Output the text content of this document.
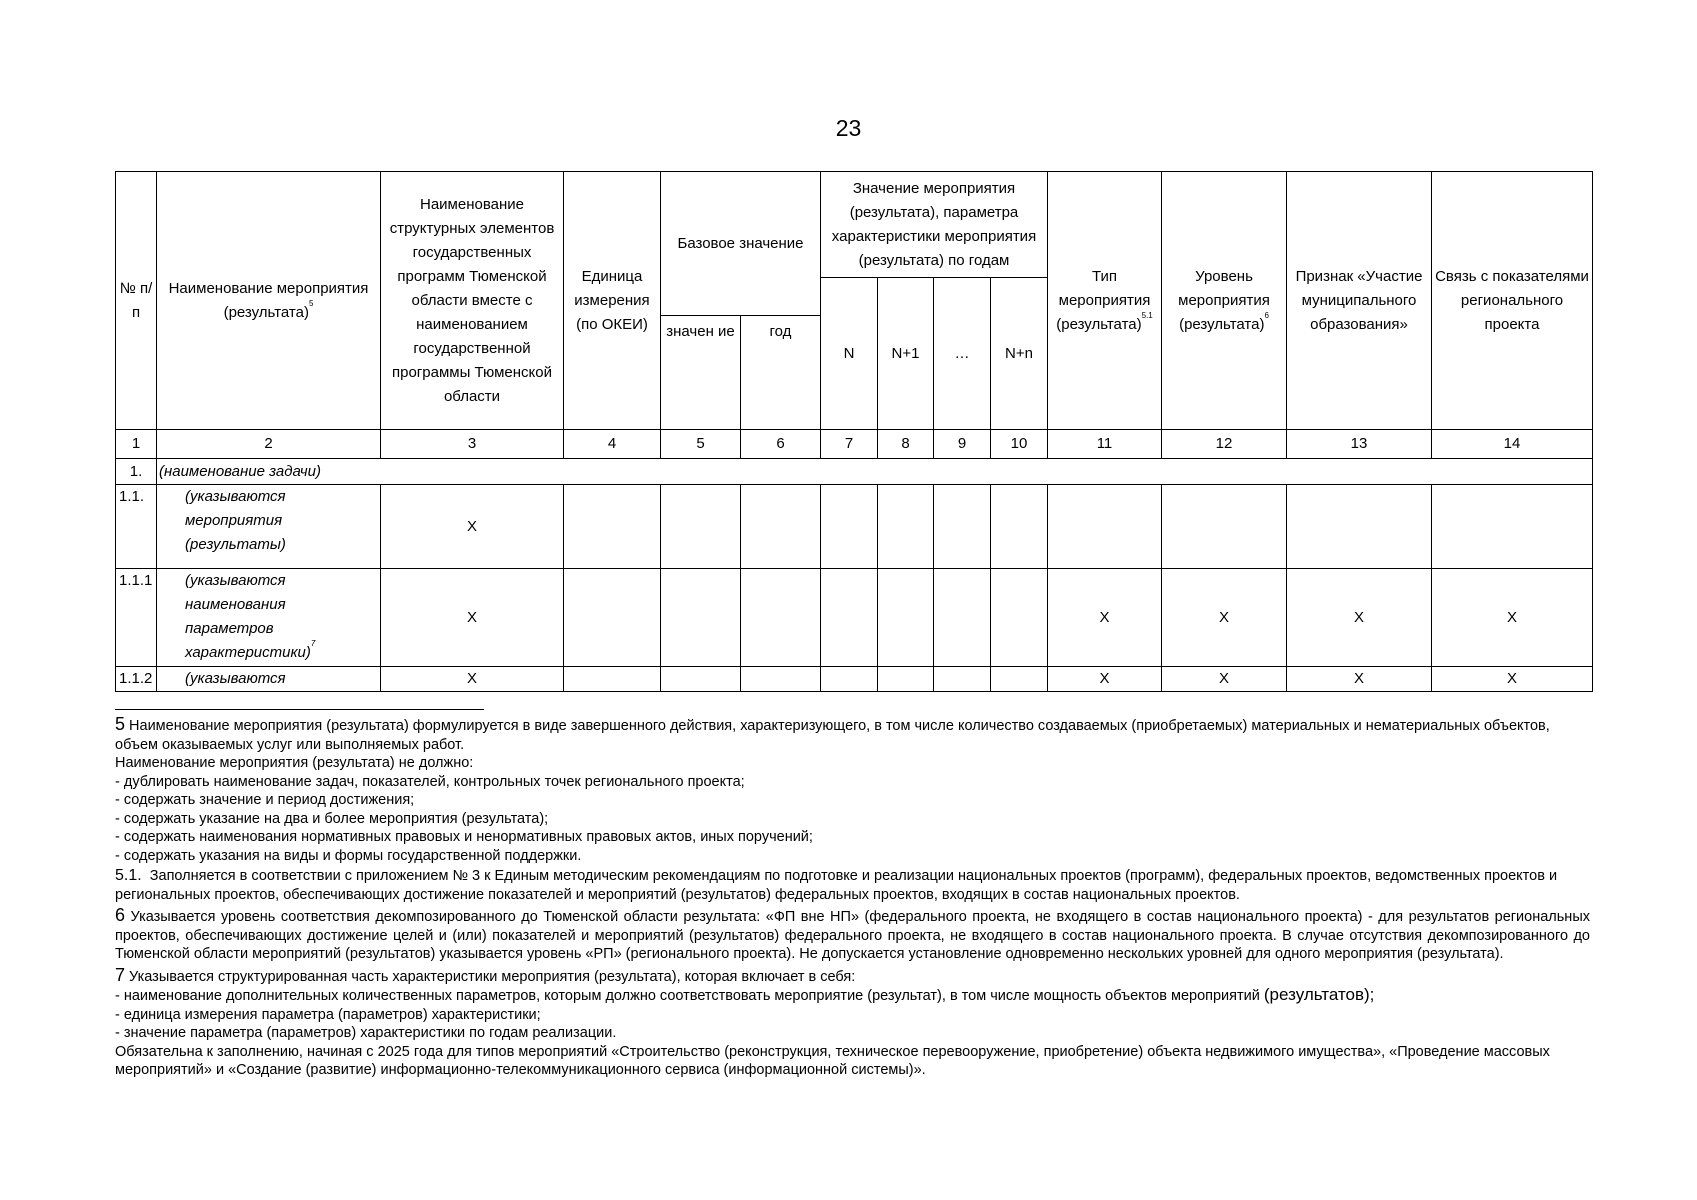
23
№ п/п	Наименование мероприятия (результата)$^5$	Наименование структурных элементов государственных программ Тюменской области вместе с наименованием государственной программы Тюменской области	Единица измерения (по ОКЕИ)	Базовое значение		Значение мероприятия (результата), параметра характеристики мероприятия (результата) по годам				Тип мероприятия (результата)$^{5.1}$	Уровень мероприятия (результата)$^6$	Признак «Участие муниципального образования»	Связь с показателями регионального проекта
						N	N+1	…	N+n				
				значен ие	год								
1	2	3	4	5	6	7	8	9	10	11	12	13	14
1.	(наименование задачи)												
1.1.	(указываются мероприятия (результаты)	Х											
1.1.1	(указываются наименования параметров характеристики)$^7$	Х								Х	Х	Х	Х
1.1.2	(указываются	Х								Х	Х	Х	Х

5 Наименование мероприятия (результата) формулируется в виде завершенного действия, характеризующего, в том числе количество создаваемых (приобретаемых) материальных и нематериальных объектов, объем оказываемых услуг или выполняемых работ.

Наименование мероприятия (результата) не должно:

- дублировать наименование задач, показателей, контрольных точек регионального проекта;

- содержать значение и период достижения;

- содержать указание на два и более мероприятия (результата);

- содержать наименования нормативных правовых и ненормативных правовых актов, иных поручений;

- содержать указания на виды и формы государственной поддержки.

5.1. Заполняется в соответствии с приложением № 3 к Единым методическим рекомендациям по подготовке и реализации национальных проектов (программ), федеральных проектов, ведомственных проектов и региональных проектов, обеспечивающих достижение показателей и мероприятий (результатов) федеральных проектов, входящих в состав национальных проектов.

6 Указывается уровень соответствия декомпозированного до Тюменской области результата: «ФП вне НП» (федерального проекта, не входящего в состав национального проекта) - для результатов региональных проектов, обеспечивающих достижение целей и (или) показателей и мероприятий (результатов) федерального проекта, не входящего в состав национального проекта. В случае отсутствия декомпозированного до Тюменской области мероприятий (результатов) указывается уровень «РП» (регионального проекта). Не допускается установление одновременно нескольких уровней для одного мероприятия (результата).

7 Указывается структурированная часть характеристики мероприятия (результата), которая включает в себя:

- наименование дополнительных количественных параметров, которым должно соответствовать мероприятие (результат), в том числе мощность объектов мероприятий (результатов);

- единица измерения параметра (параметров) характеристики;

- значение параметра (параметров) характеристики по годам реализации.

Обязательна к заполнению, начиная с 2025 года для типов мероприятий «Строительство (реконструкция, техническое перевооружение, приобретение) объекта недвижимого имущества», «Проведение массовых мероприятий» и «Создание (развитие) информационно-телекоммуникационного сервиса (информационной системы)».
